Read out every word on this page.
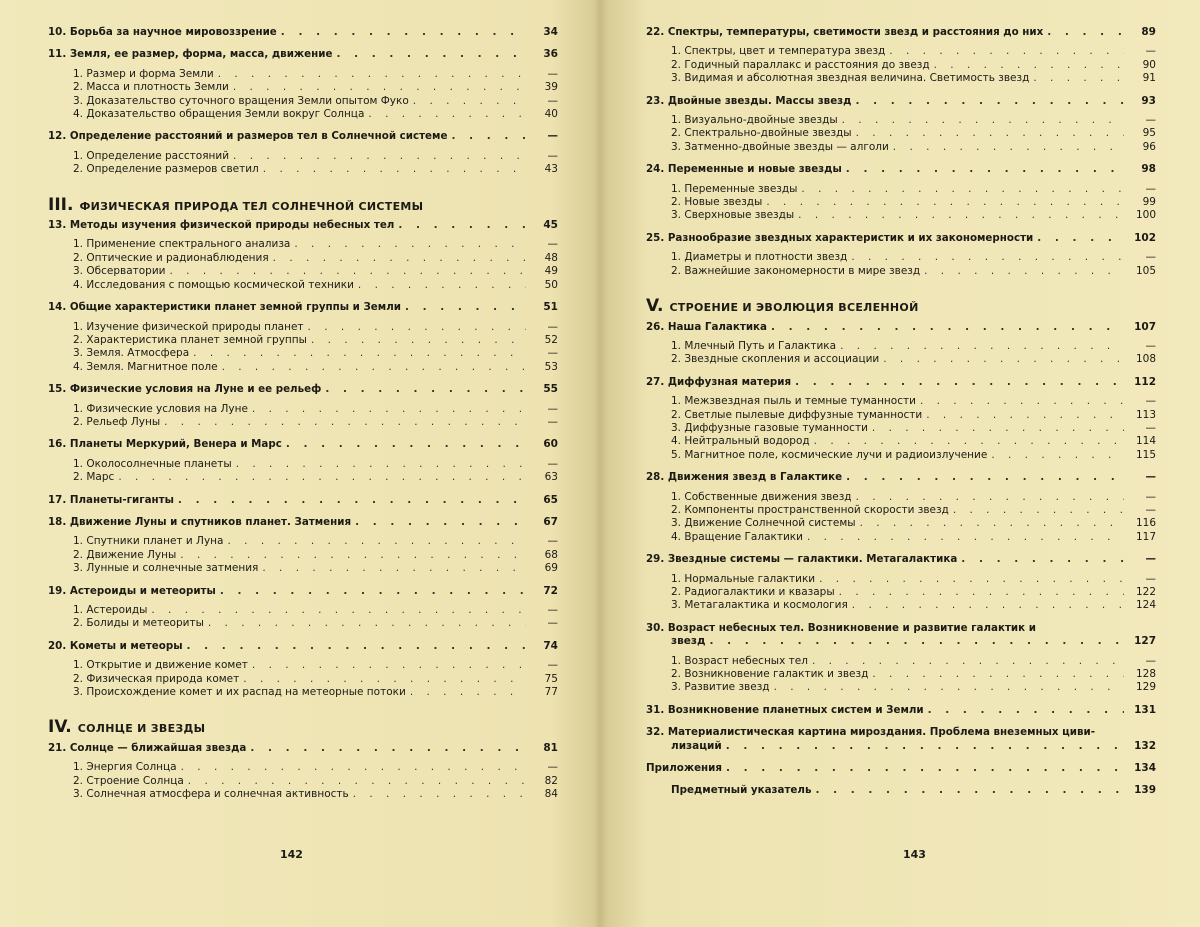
10. Борьба за научное мировоззрение . . .	34
11. Земля, ее размер, форма, масса, движение . . .	36
1. Размер и форма Земли . . .	—
2. Масса и плотность Земли . . .	39
3. Доказательство суточного вращения Земли опытом Фуко . . .	—
4. Доказательство обращения Земли вокруг Солнца . . .	40
12. Определение расстояний и размеров тел в Солнечной системе . . .	—
1. Определение расстояний . . .	—
2. Определение размеров светил . . .	43
III. ФИЗИЧЕСКАЯ ПРИРОДА ТЕЛ СОЛНЕЧНОЙ СИСТЕМЫ
13. Методы изучения физической природы небесных тел . . .	45
1. Применение спектрального анализа . . .	—
2. Оптические и радионаблюдения . . .	48
3. Обсерватории . . .	49
4. Исследования с помощью космической техники . . .	50
14. Общие характеристики планет земной группы и Земли . . .	51
1. Изучение физической природы планет . . .	—
2. Характеристика планет земной группы . . .	52
3. Земля. Атмосфера . . .	—
4. Земля. Магнитное поле . . .	53
15. Физические условия на Луне и ее рельеф . . .	55
1. Физические условия на Луне . . .	—
2. Рельеф Луны . . .	—
16. Планеты Меркурий, Венера и Марс . . .	60
1. Околосолнечные планеты . . .	—
2. Марс . . .	63
17. Планеты-гиганты . . .	65
18. Движение Луны и спутников планет. Затмения . . .	67
1. Спутники планет и Луна . . .	—
2. Движение Луны . . .	68
3. Лунные и солнечные затмения . . .	69
19. Астероиды и метеориты . . .	72
1. Астероиды . . .	—
2. Болиды и метеориты . . .	—
20. Кометы и метеоры . . .	74
1. Открытие и движение комет . . .	—
2. Физическая природа комет . . .	75
3. Происхождение комет и их распад на метеорные потоки . . .	77
IV. СОЛНЦЕ И ЗВЕЗДЫ
21. Солнце — ближайшая звезда . . .	81
1. Энергия Солнца . . .	—
2. Строение Солнца . . .	82
3. Солнечная атмосфера и солнечная активность . . .	84
142
22. Спектры, температуры, светимости звезд и расстояния до них . . .	89
1. Спектры, цвет и температура звезд . . .	—
2. Годичный параллакс и расстояния до звезд . . .	90
3. Видимая и абсолютная звездная величина. Светимость звезд . . .	91
23. Двойные звезды. Массы звезд . . .	93
1. Визуально-двойные звезды . . .	—
2. Спектрально-двойные звезды . . .	95
3. Затменно-двойные звезды — алголи . . .	96
24. Переменные и новые звезды . . .	98
1. Переменные звезды . . .	—
2. Новые звезды . . .	99
3. Сверхновые звезды . . .	100
25. Разнообразие звездных характеристик и их закономерности . . .	102
1. Диаметры и плотности звезд . . .	—
2. Важнейшие закономерности в мире звезд . . .	105
V. СТРОЕНИЕ И ЭВОЛЮЦИЯ ВСЕЛЕННОЙ
26. Наша Галактика . . .	107
1. Млечный Путь и Галактика . . .	—
2. Звездные скопления и ассоциации . . .	108
27. Диффузная материя . . .	112
1. Межзвездная пыль и темные туманности . . .	—
2. Светлые пылевые диффузные туманности . . .	113
3. Диффузные газовые туманности . . .	—
4. Нейтральный водород . . .	114
5. Магнитное поле, космические лучи и радиоизлучение . . .	115
28. Движения звезд в Галактике . . .	—
1. Собственные движения звезд . . .	—
2. Компоненты пространственной скорости звезд . . .	—
3. Движение Солнечной системы . . .	116
4. Вращение Галактики . . .	117
29. Звездные системы — галактики. Метагалактика . . .	—
1. Нормальные галактики . . .	—
2. Радиогалактики и квазары . . .	122
3. Метагалактика и космология . . .	124
30. Возраст небесных тел. Возникновение и развитие галактик и
звезд . . .	127
1. Возраст небесных тел . . .	—
2. Возникновение галактик и звезд . . .	128
3. Развитие звезд . . .	129
31. Возникновение планетных систем и Земли . . .	131
32. Материалистическая картина мироздания. Проблема внеземных циви-
лизаций . . .	132
Приложения . . .	134
Предметный указатель . . .	139
143
